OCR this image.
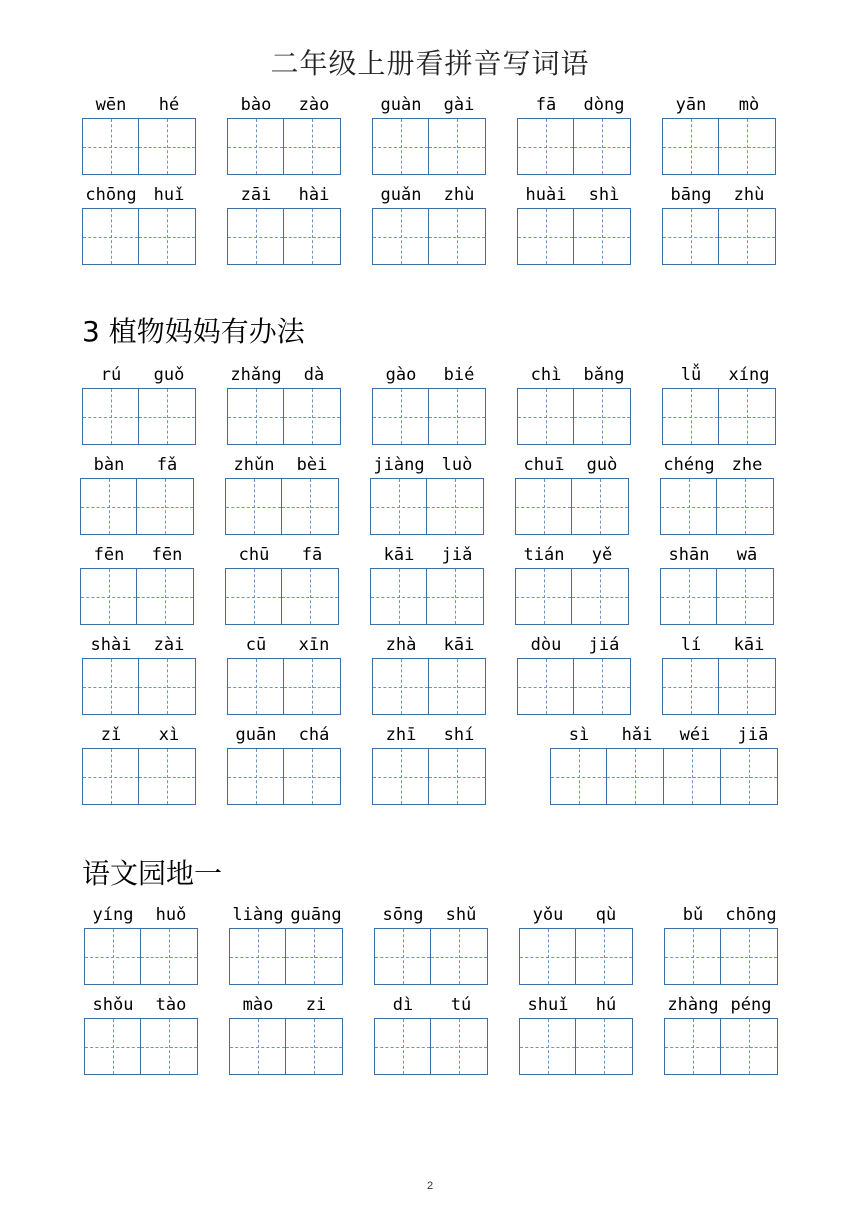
二年级上册看拼音写词语
wēn	hé	bào	zào	guàn	gài	fā	dòng	yān	mò
chōng	huǐ	zāi	hài	guǎn	zhù	huài	shì	bāng	zhù
3 植物妈妈有办法
rú	guǒ	zhǎng	dà	gào	bié	chì	bǎng	lǚ	xíng
bàn	fǎ	zhǔn	bèi	jiàng	luò	chuī	guò	chéng	zhe
fēn	fēn	chū	fā	kāi	jiǎ	tián	yě	shān	wā
shài	zài	cū	xīn	zhà	kāi	dòu	jiá	lí	kāi
zǐ	xì	guān	chá	zhī	shí	sì	hǎi	wéi	jiā
语文园地一
yíng	huǒ	liàng guāng	sōng	shǔ	yǒu	qù	bǔ	chōng
shǒu	tào	mào	zi	dì	tú	shuǐ	hú	zhàng péng
2
